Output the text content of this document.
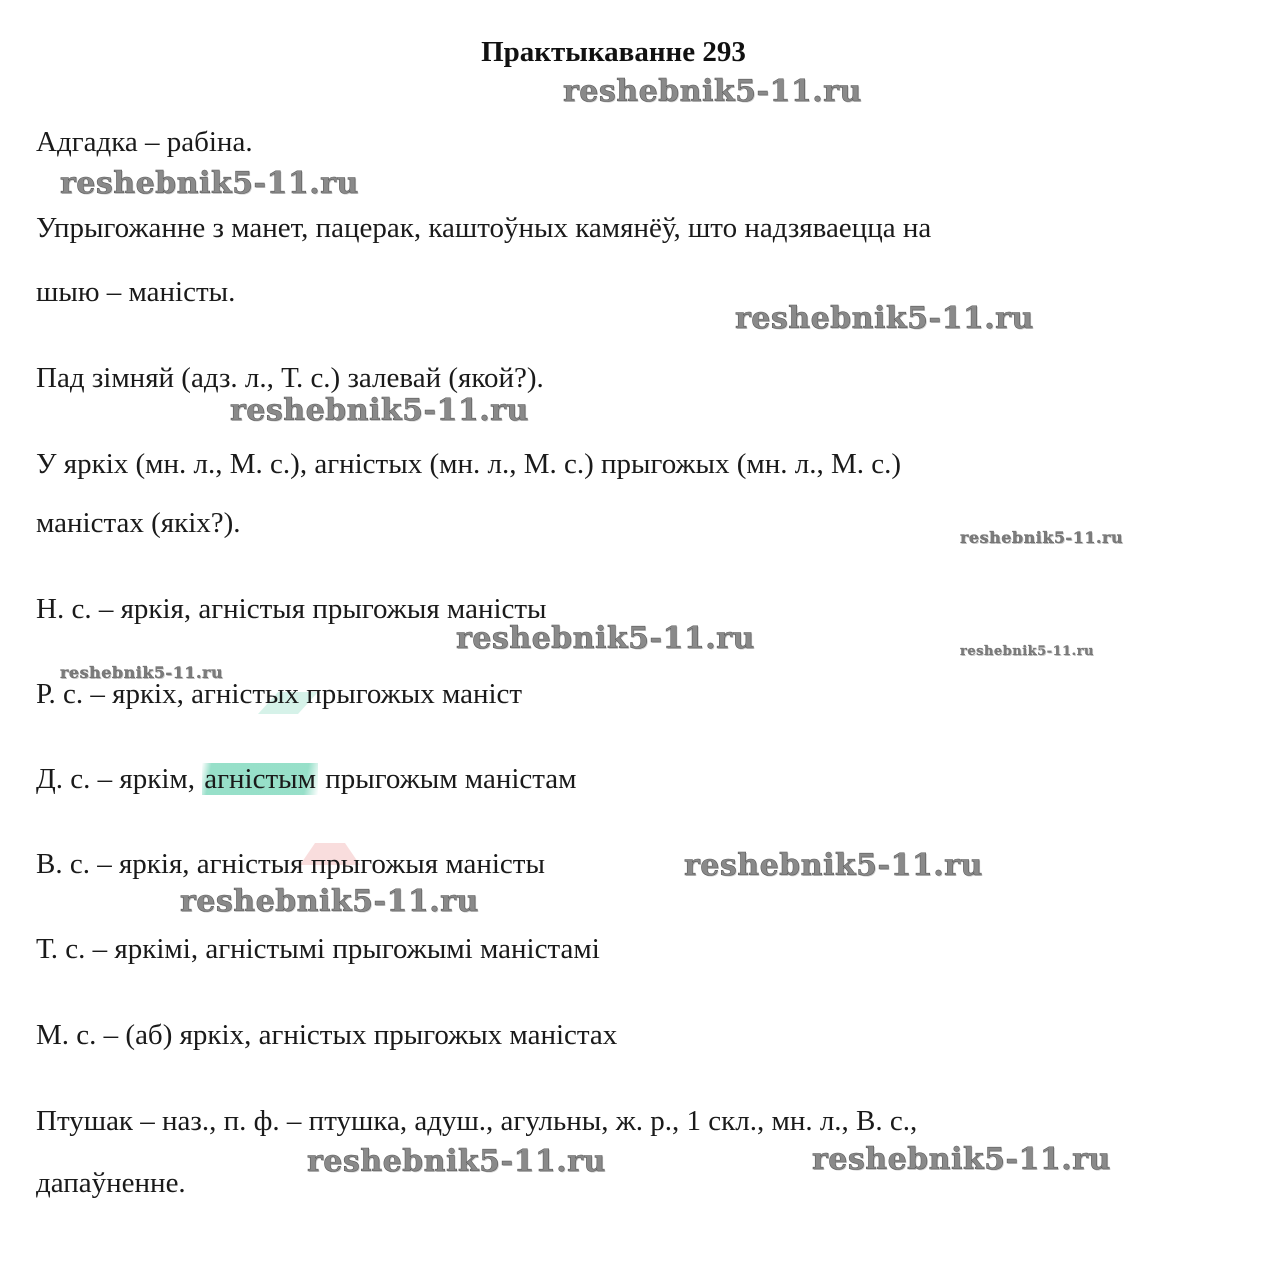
Практыкаванне 293
reshebnik5-11.ru
reshebnik5-11.ru
reshebnik5-11.ru
reshebnik5-11.ru
reshebnik5-11.ru
reshebnik5-11.ru	reshebnik5-11.ru
reshebnik5-11.ru
reshebnik5-11.ru
reshebnik5-11.ru
reshebnik5-11.ru	reshebnik5-11.ru
Адгадка – рабіна.
Упрыгожанне з манет, пацерак, каштоўных камянёў, што надзяваецца на
шыю – маністы.
Пад зімняй (адз. л., Т. с.) залевай (якой?).
У яркіх (мн. л., М. с.), агністых (мн. л., М. с.) прыгожых (мн. л., М. с.)
маністах (якіх?).
Н. с. – яркія, агністыя прыгожыя маністы
Р. с. – яркіх, агністых прыгожых маніст
Д. с. – яркім, агністым прыгожым маністам
В. с. – яркія, агністыя прыгожыя маністы
Т. с. – яркімі, агністымі прыгожымі маністамі
М. с. – (аб) яркіх, агністых прыгожых маністах
Птушак – наз., п. ф. – птушка, адуш., агульны, ж. р., 1 скл., мн. л., В. с.,
дапаўненне.
